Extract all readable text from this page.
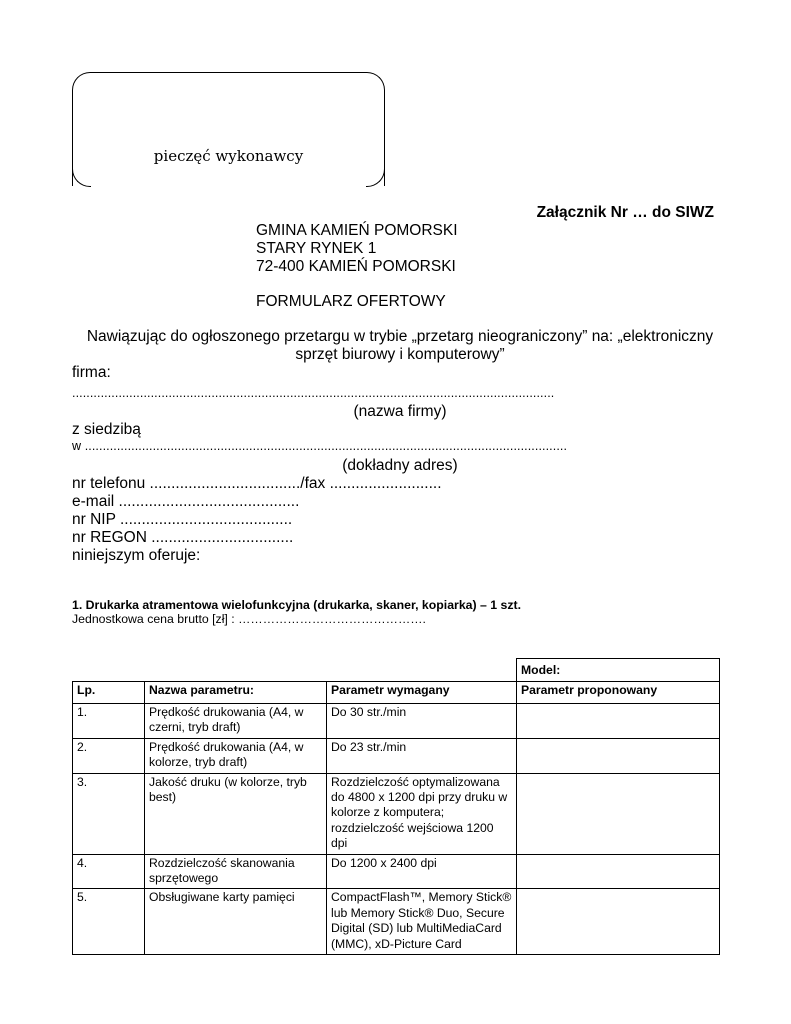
pieczęć wykonawcy
Załącznik Nr … do SIWZ
GMINA KAMIEŃ POMORSKI
STARY RYNEK 1
72-400 KAMIEŃ POMORSKI
FORMULARZ OFERTOWY
Nawiązując do ogłoszonego przetargu w trybie „przetarg nieograniczony” na: „elektroniczny
sprzęt biurowy i komputerowy”
firma:
.......................................................................................................................................
(nazwa firmy)
z siedzibą
w .......................................................................................................................................
(dokładny adres)
nr telefonu .................................../fax ..........................
e-mail ..........................................
nr NIP ........................................
nr REGON .................................
niniejszym oferuje:
1. Drukarka atramentowa wielofunkcyjna (drukarka, skaner, kopiarka) – 1 szt.
Jednostkowa cena brutto [zł] : ……………………………………….
			Model:
Lp.	Nazwa parametru:	Parametr wymagany	Parametr proponowany
1.	Prędkość drukowania (A4, w czerni, tryb draft)	Do 30 str./min	
2.	Prędkość drukowania (A4, w kolorze, tryb draft)	Do 23 str./min	
3.	Jakość druku (w kolorze, tryb best)	Rozdzielczość optymalizowana do 4800 x 1200 dpi przy druku w kolorze z komputera; rozdzielczość wejściowa 1200 dpi	
4.	Rozdzielczość skanowania sprzętowego	Do 1200 x 2400 dpi	
5.	Obsługiwane karty pamięci	CompactFlash™, Memory Stick® lub Memory Stick® Duo, Secure Digital (SD) lub MultiMediaCard (MMC), xD-Picture Card	
